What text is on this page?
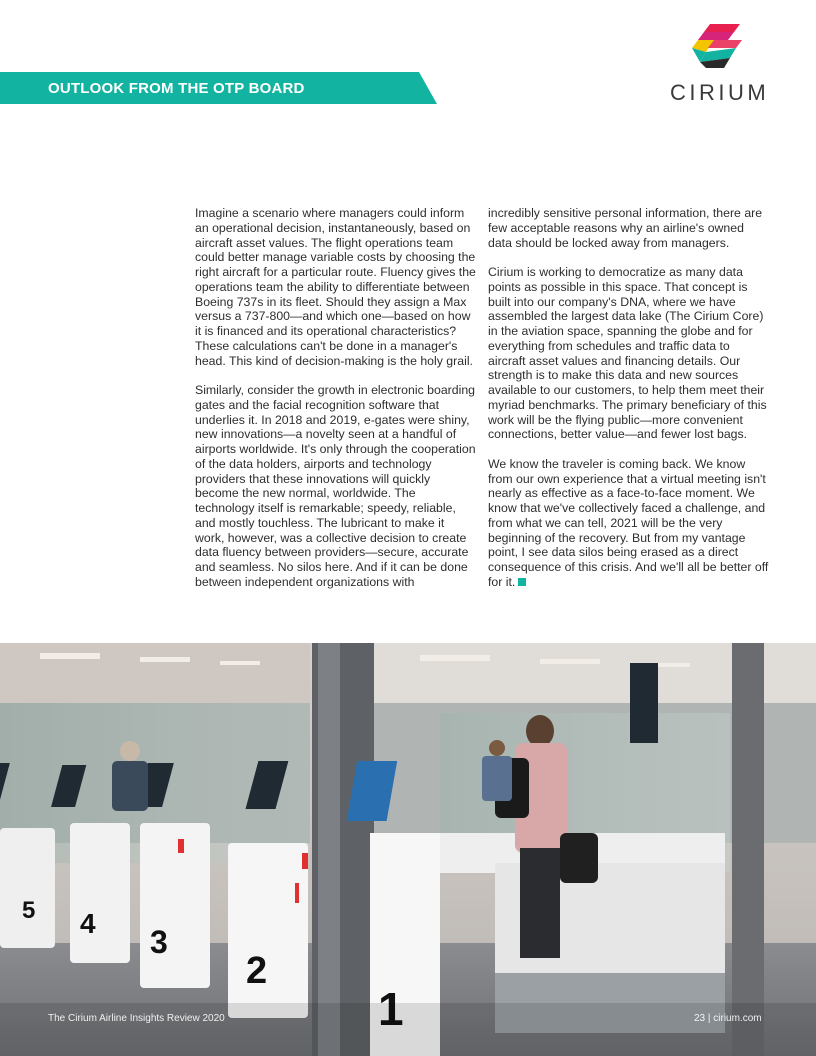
OUTLOOK FROM THE OTP BOARD	CIRIUM

Imagine a scenario where managers could inform an operational decision, instantaneously, based on aircraft asset values. The flight operations team could better manage variable costs by choosing the right aircraft for a particular route. Fluency gives the operations team the ability to differentiate between Boeing 737s in its fleet. Should they assign a Max versus a 737-800—and which one—based on how it is financed and its operational characteristics? These calculations can't be done in a manager's head. This kind of decision-making is the holy grail.

Similarly, consider the growth in electronic boarding gates and the facial recognition software that underlies it. In 2018 and 2019, e-gates were shiny, new innovations—a novelty seen at a handful of airports worldwide. It's only through the cooperation of the data holders, airports and technology providers that these innovations will quickly become the new normal, worldwide. The technology itself is remarkable; speedy, reliable, and mostly touchless. The lubricant to make it work, however, was a collective decision to create data fluency between providers—secure, accurate and seamless. No silos here. And if it can be done between independent organizations with

incredibly sensitive personal information, there are few acceptable reasons why an airline's owned data should be locked away from managers.

Cirium is working to democratize as many data points as possible in this space. That concept is built into our company's DNA, where we have assembled the largest data lake (The Cirium Core) in the aviation space, spanning the globe and for everything from schedules and traffic data to aircraft asset values and financing details. Our strength is to make this data and new sources available to our customers, to help them meet their myriad benchmarks. The primary beneficiary of this work will be the flying public—more convenient connections, better value—and fewer lost bags.

We know the traveler is coming back. We know from our own experience that a virtual meeting isn't nearly as effective as a face-to-face moment. We know that we've collectively faced a challenge, and from what we can tell, 2021 will be the very beginning of the recovery. But from my vantage point, I see data silos being erased as a direct consequence of this crisis. And we'll all be better off for it.

5 4
3
2
1
The Cirium Airline Insights Review 2020	23 | cirium.com
